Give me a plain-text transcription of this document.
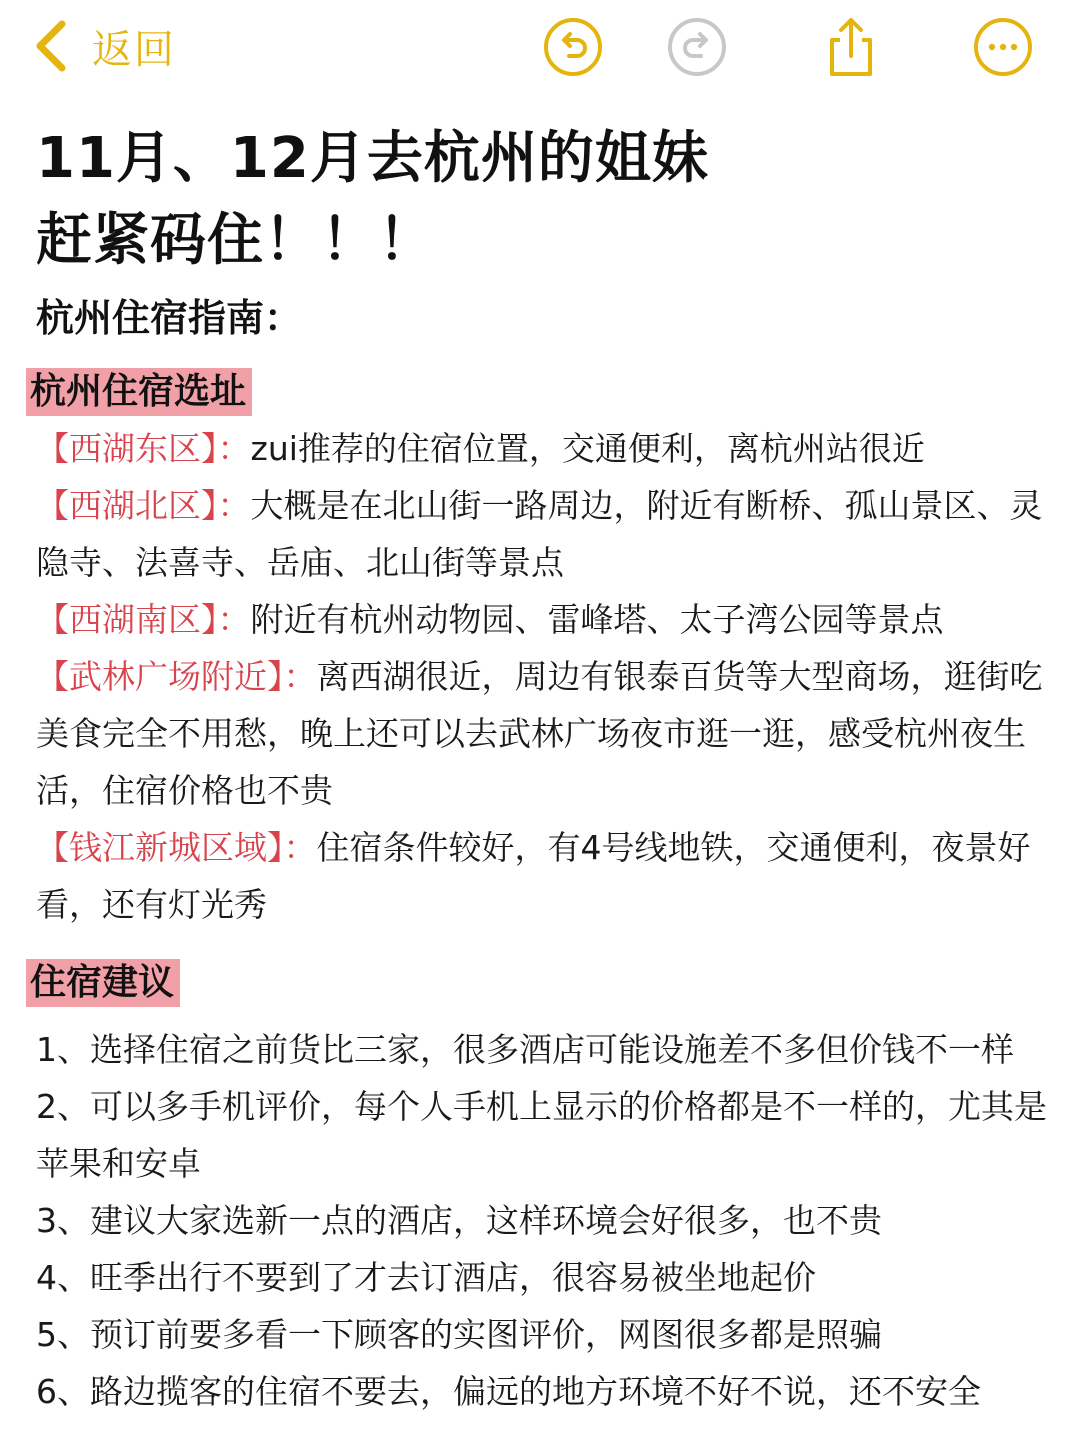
返回
11月、12月去杭州的姐妹
赶紧码住！！！

杭州住宿指南：

杭州住宿选址

【西湖东区】：zui推荐的住宿位置，交通便利，离杭州站很近

【西湖北区】：大概是在北山街一路周边，附近有断桥、孤山景区、灵隐寺、法喜寺、岳庙、北山街等景点

【西湖南区】：附近有杭州动物园、雷峰塔、太子湾公园等景点

【武林广场附近】：离西湖很近，周边有银泰百货等大型商场，逛街吃美食完全不用愁，晚上还可以去武林广场夜市逛一逛，感受杭州夜生活，住宿价格也不贵

【钱江新城区域】：住宿条件较好，有4号线地铁，交通便利，夜景好看，还有灯光秀

住宿建议

1、选择住宿之前货比三家，很多酒店可能设施差不多但价钱不一样

2、可以多手机评价，每个人手机上显示的价格都是不一样的，尤其是苹果和安卓

3、建议大家选新一点的酒店，这样环境会好很多，也不贵

4、旺季出行不要到了才去订酒店，很容易被坐地起价

5、预订前要多看一下顾客的实图评价，网图很多都是照骗

6、路边揽客的住宿不要去，偏远的地方环境不好不说，还不安全
